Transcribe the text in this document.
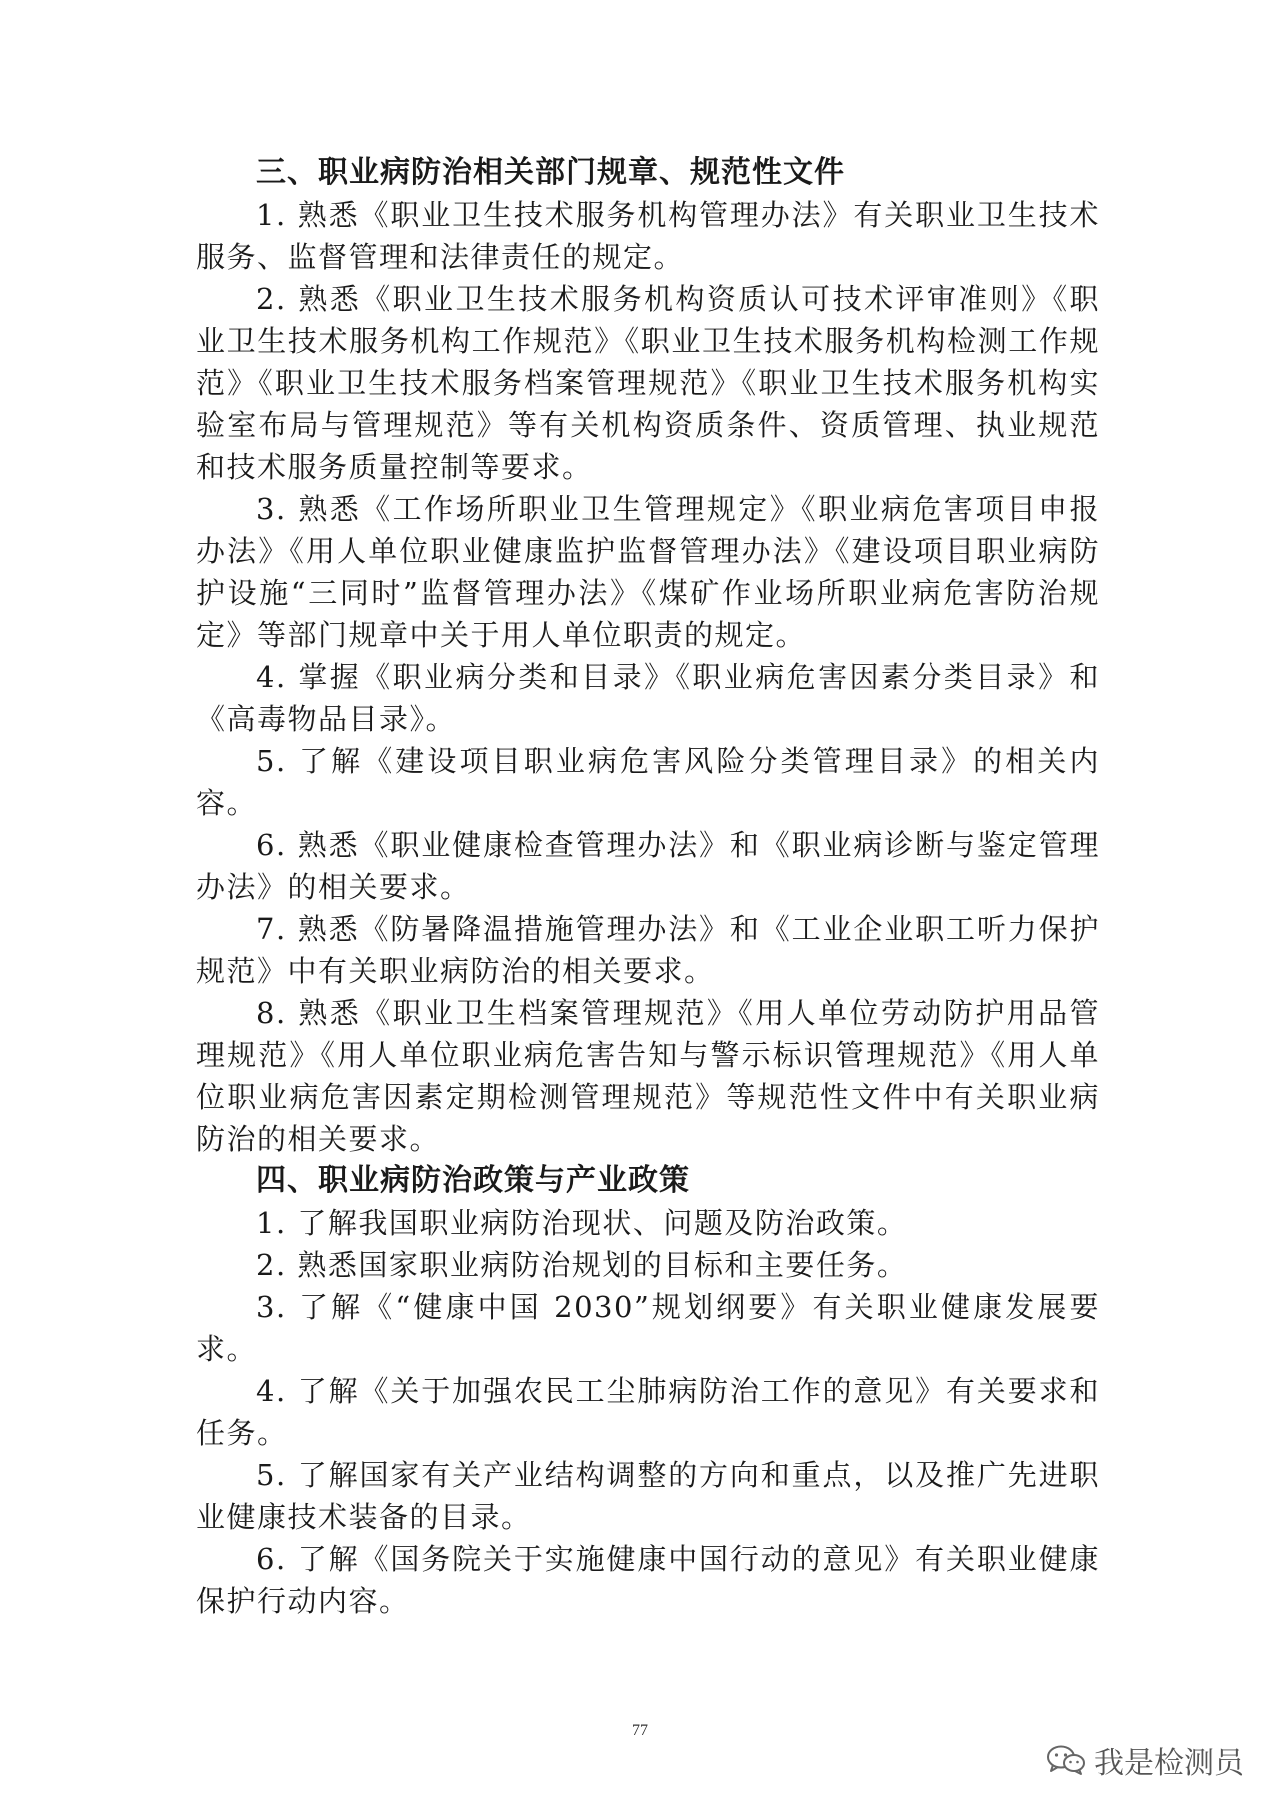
三、职业病防治相关部门规章、规范性文件

1. 熟悉《职业卫生技术服务机构管理办法》有关职业卫生技术服务、监督管理和法律责任的规定。

2. 熟悉《职业卫生技术服务机构资质认可技术评审准则》《职业卫生技术服务机构工作规范》《职业卫生技术服务机构检测工作规范》《职业卫生技术服务档案管理规范》《职业卫生技术服务机构实验室布局与管理规范》等有关机构资质条件、资质管理、执业规范和技术服务质量控制等要求。

3. 熟悉《工作场所职业卫生管理规定》《职业病危害项目申报办法》《用人单位职业健康监护监督管理办法》《建设项目职业病防护设施“三同时”监督管理办法》《煤矿作业场所职业病危害防治规定》等部门规章中关于用人单位职责的规定。

4. 掌握《职业病分类和目录》《职业病危害因素分类目录》和《高毒物品目录》。

5. 了解《建设项目职业病危害风险分类管理目录》的相关内容。

6. 熟悉《职业健康检查管理办法》和《职业病诊断与鉴定管理办法》的相关要求。

7. 熟悉《防暑降温措施管理办法》和《工业企业职工听力保护规范》中有关职业病防治的相关要求。

8. 熟悉《职业卫生档案管理规范》《用人单位劳动防护用品管理规范》《用人单位职业病危害告知与警示标识管理规范》《用人单位职业病危害因素定期检测管理规范》等规范性文件中有关职业病防治的相关要求。

四、职业病防治政策与产业政策

1. 了解我国职业病防治现状、问题及防治政策。

2. 熟悉国家职业病防治规划的目标和主要任务。

3. 了解《“健康中国 2030”规划纲要》有关职业健康发展要求。

4. 了解《关于加强农民工尘肺病防治工作的意见》有关要求和任务。

5. 了解国家有关产业结构调整的方向和重点，以及推广先进职业健康技术装备的目录。

6. 了解《国务院关于实施健康中国行动的意见》有关职业健康保护行动内容。

77
我是检测员
